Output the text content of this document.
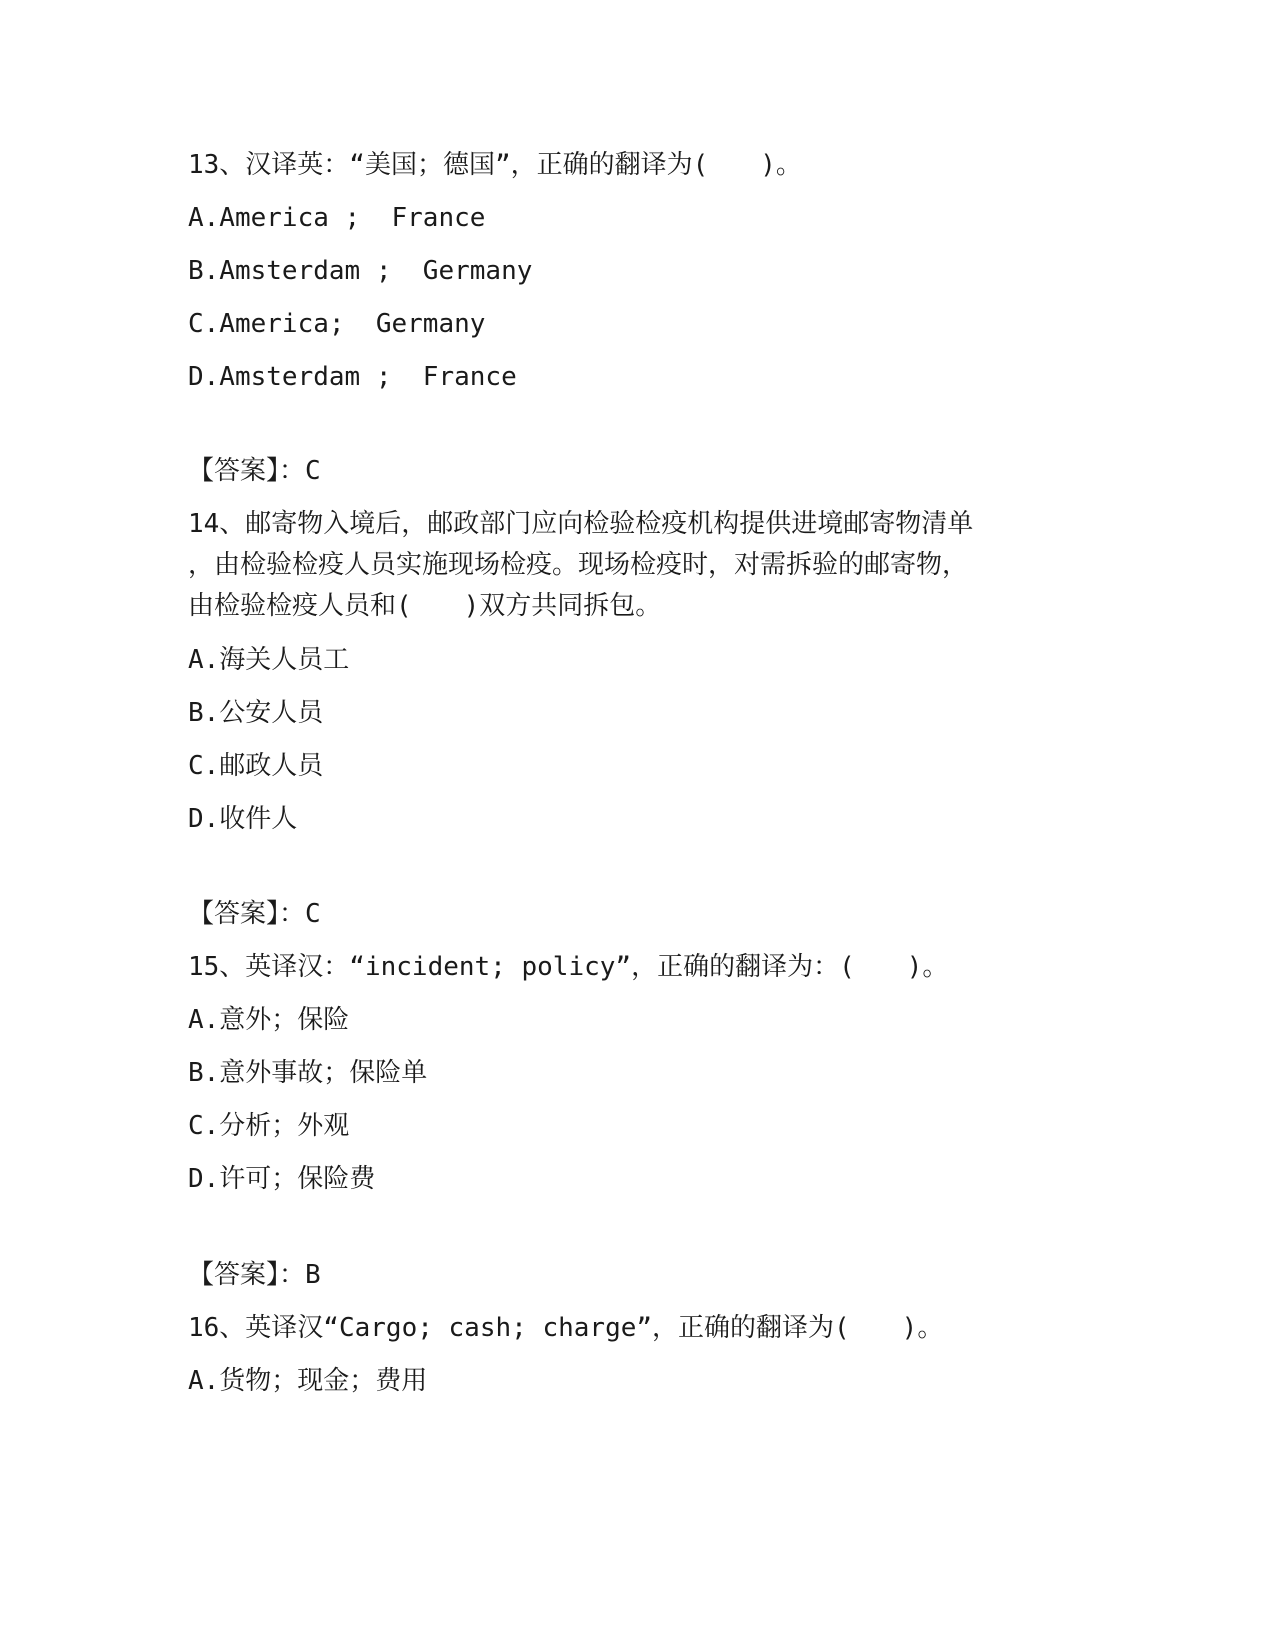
13、汉译英：“美国；德国”，正确的翻译为(　　)。
A.America ;  France
B.Amsterdam ;  Germany
C.America;  Germany
D.Amsterdam ;  France
【答案】：C
14、邮寄物入境后，邮政部门应向检验检疫机构提供进境邮寄物清单
，由检验检疫人员实施现场检疫。现场检疫时，对需拆验的邮寄物，
由检验检疫人员和(　　)双方共同拆包。
A.海关人员工
B.公安人员
C.邮政人员
D.收件人
【答案】：C
15、英译汉：“incident; policy”，正确的翻译为：(　　)。
A.意外；保险
B.意外事故；保险单
C.分析；外观
D.许可；保险费
【答案】：B
16、英译汉“Cargo; cash; charge”，正确的翻译为(　　)。
A.货物；现金；费用
